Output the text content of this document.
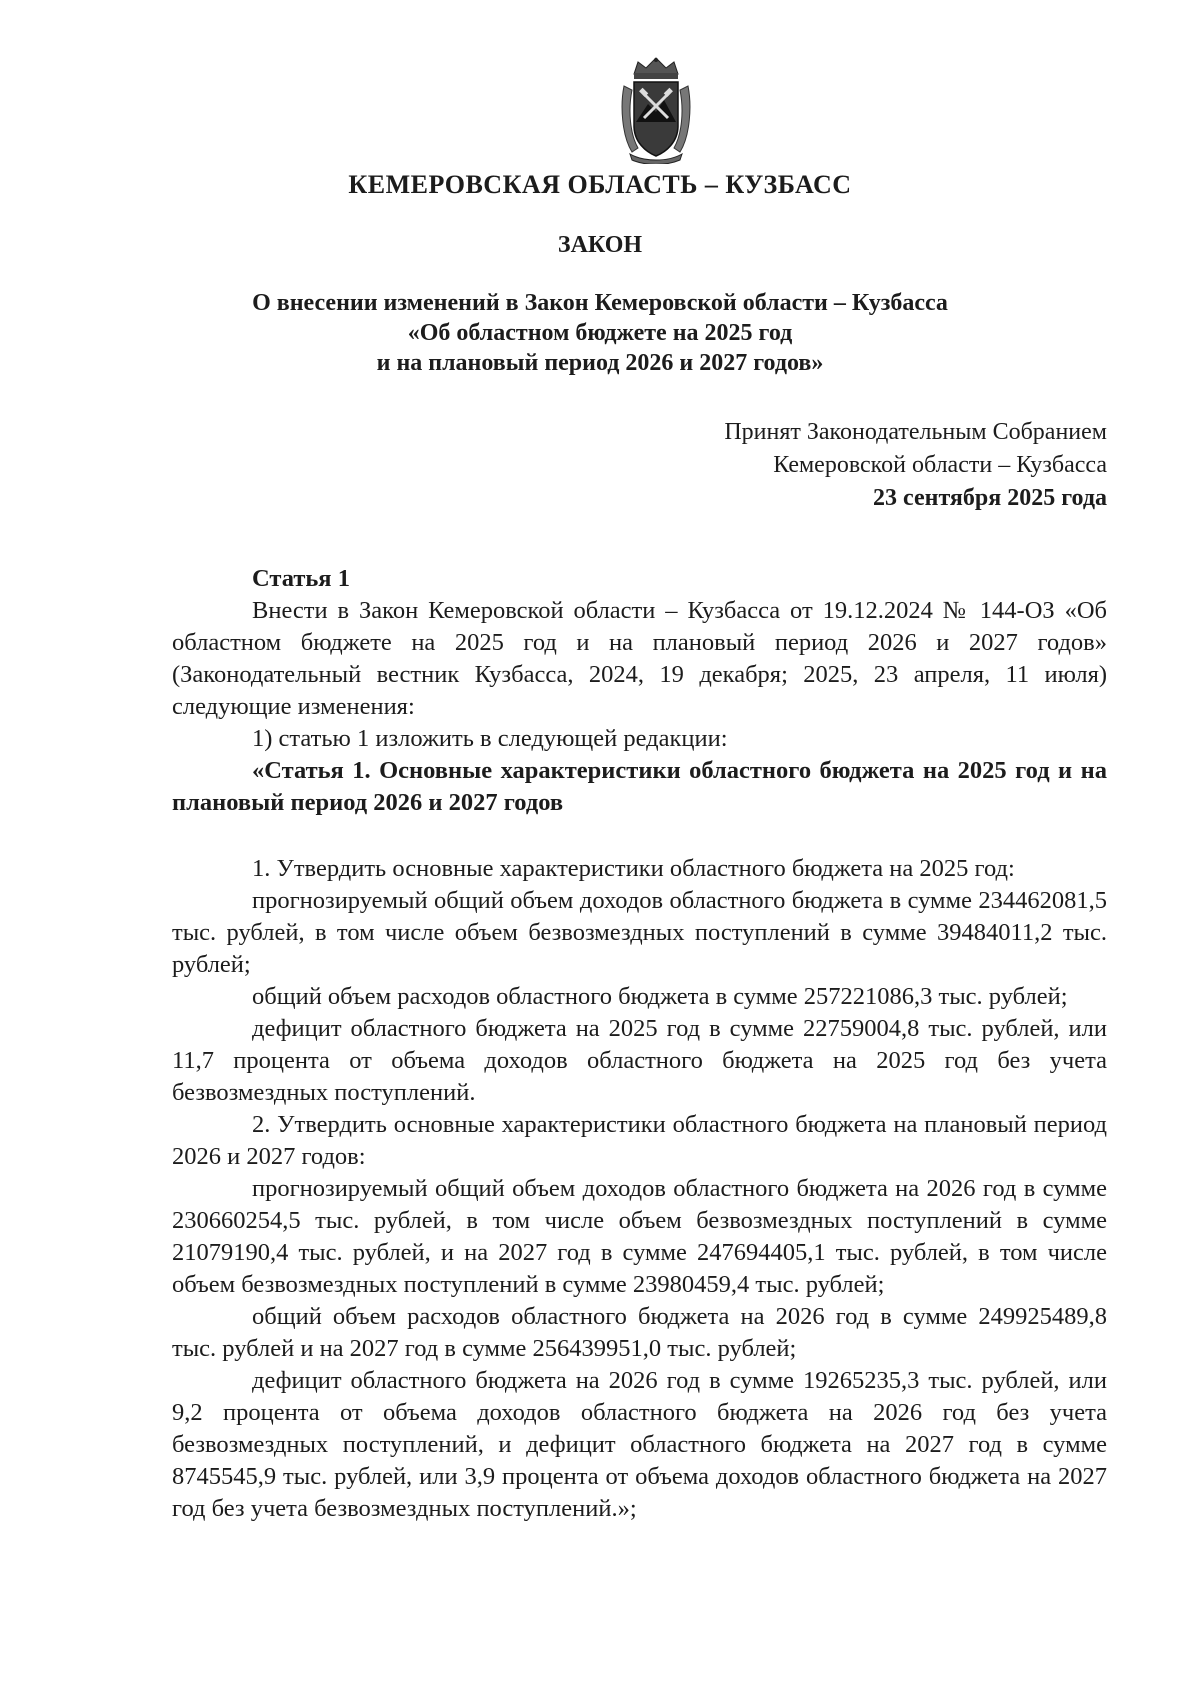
КЕМЕРОВСКАЯ ОБЛАСТЬ – КУЗБАСС
ЗАКОН
О внесении изменений в Закон Кемеровской области – Кузбасса
«Об областном бюджете на 2025 год
и на плановый период 2026 и 2027 годов»
Принят Законодательным Собранием
Кемеровской области – Кузбасса
23 сентября 2025 года
Статья 1

Внести в Закон Кемеровской области – Кузбасса от 19.12.2024 № 144-ОЗ «Об областном бюджете на 2025 год и на плановый период 2026 и 2027 годов» (Законодательный вестник Кузбасса, 2024, 19 декабря; 2025, 23 апреля, 11 июля) следующие изменения:

1) статью 1 изложить в следующей редакции:

«Статья 1. Основные характеристики областного бюджета на 2025 год и на плановый период 2026 и 2027 годов

1. Утвердить основные характеристики областного бюджета на 2025 год:

прогнозируемый общий объем доходов областного бюджета в сумме 234462081,5 тыс. рублей, в том числе объем безвозмездных поступлений в сумме 39484011,2 тыс. рублей;

общий объем расходов областного бюджета в сумме 257221086,3 тыс. рублей;

дефицит областного бюджета на 2025 год в сумме 22759004,8 тыс. рублей, или 11,7 процента от объема доходов областного бюджета на 2025 год без учета безвозмездных поступлений.

2. Утвердить основные характеристики областного бюджета на плановый период 2026 и 2027 годов:

прогнозируемый общий объем доходов областного бюджета на 2026 год в сумме 230660254,5 тыс. рублей, в том числе объем безвозмездных поступлений в сумме 21079190,4 тыс. рублей, и на 2027 год в сумме 247694405,1 тыс. рублей, в том числе объем безвозмездных поступлений в сумме 23980459,4 тыс. рублей;

общий объем расходов областного бюджета на 2026 год в сумме 249925489,8 тыс. рублей и на 2027 год в сумме 256439951,0 тыс. рублей;

дефицит областного бюджета на 2026 год в сумме 19265235,3 тыс. рублей, или 9,2 процента от объема доходов областного бюджета на 2026 год без учета безвозмездных поступлений, и дефицит областного бюджета на 2027 год в сумме 8745545,9 тыс. рублей, или 3,9 процента от объема доходов областного бюджета на 2027 год без учета безвозмездных поступлений.»;
